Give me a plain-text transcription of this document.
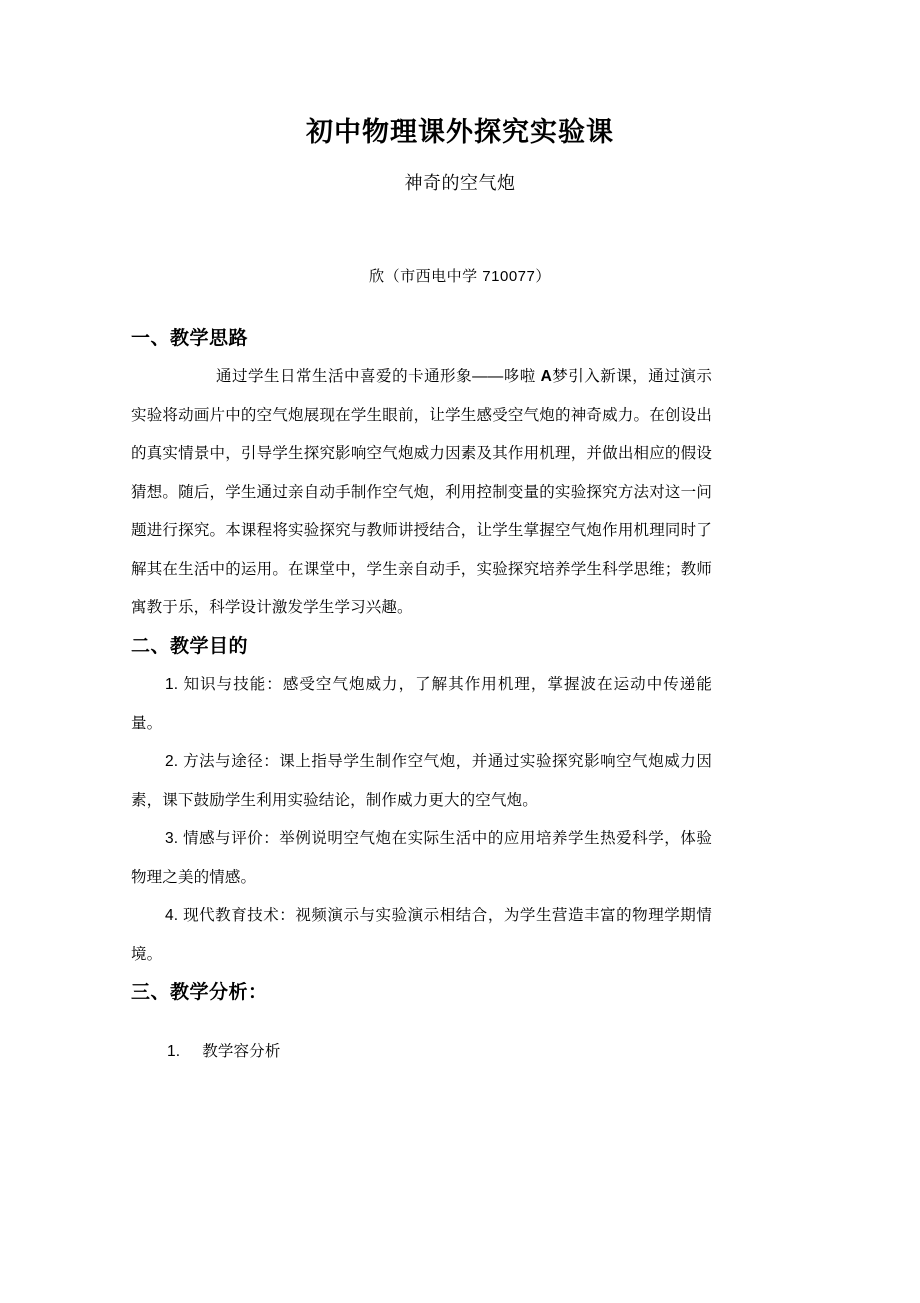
初中物理课外探究实验课
神奇的空气炮
欣（市西电中学 710077）
一、教学思路

通过学生日常生活中喜爱的卡通形象——哆啦 A梦引入新课，通过演示实验将动画片中的空气炮展现在学生眼前，让学生感受空气炮的神奇威力。在创设出的真实情景中，引导学生探究影响空气炮威力因素及其作用机理，并做出相应的假设猜想。随后，学生通过亲自动手制作空气炮，利用控制变量的实验探究方法对这一问题进行探究。本课程将实验探究与教师讲授结合，让学生掌握空气炮作用机理同时了解其在生活中的运用。在课堂中，学生亲自动手，实验探究培养学生科学思维；教师寓教于乐，科学设计激发学生学习兴趣。

二、教学目的

1. 知识与技能：感受空气炮威力，了解其作用机理，掌握波在运动中传递能量。

2. 方法与途径：课上指导学生制作空气炮，并通过实验探究影响空气炮威力因素，课下鼓励学生利用实验结论，制作威力更大的空气炮。

3. 情感与评价：举例说明空气炮在实际生活中的应用培养学生热爱科学，体验物理之美的情感。

4. 现代教育技术：视频演示与实验演示相结合，为学生营造丰富的物理学期情境。

三、教学分析：
1. 教学容分析
